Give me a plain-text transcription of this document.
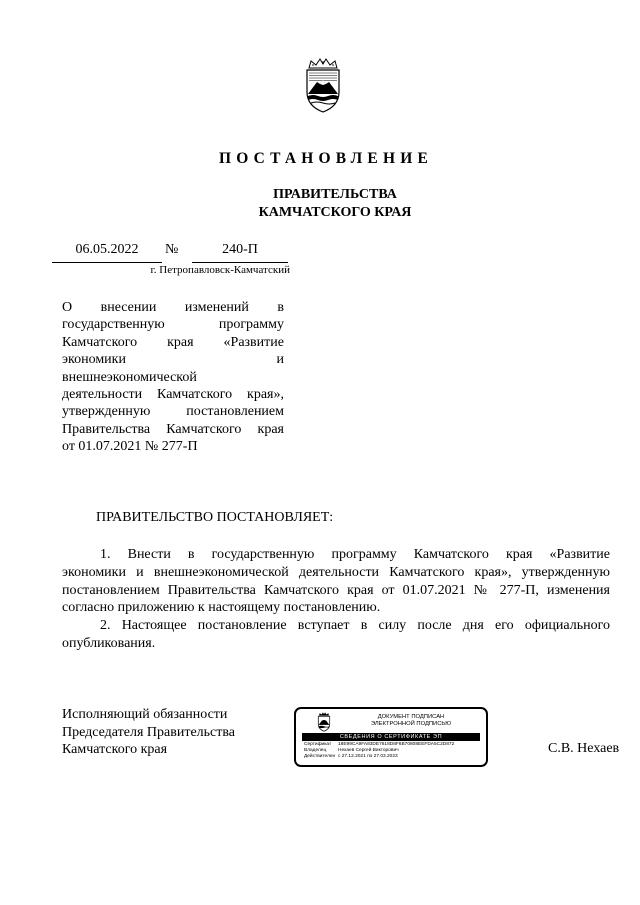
ПОСТАНОВЛЕНИЕ
ПРАВИТЕЛЬСТВА
КАМЧАТСКОГО КРАЯ
06.05.2022	№	240-П
г. Петропавловск-Камчатский
О внесении изменений в
государственную программу
Камчатского края «Развитие
экономики и
внешнеэкономической
деятельности Камчатского края»,
утвержденную постановлением
Правительства Камчатского края
от 01.07.2021 № 277-П
ПРАВИТЕЛЬСТВО ПОСТАНОВЛЯЕТ:
1. Внести в государственную программу Камчатского края «Развитие
экономики и внешнеэкономической деятельности Камчатского края», утвержденную
постановлением Правительства Камчатского края от 01.07.2021 № 277-П, изменения
согласно приложению к настоящему постановлению.
2. Настоящее постановление вступает в силу после дня его официального
опубликования.
Исполняющий обязанности
Председателя Правительства
Камчатского края
ДОКУМЕНТ ПОДПИСАН
ЭЛЕКТРОННОЙ ПОДПИСЬЮ
СВЕДЕНИЯ О СЕРТИФИКАТЕ ЭП
Сертификат 18E99CA9FA83DE7618D8F6B70808EEFDA5C2D872
Владелец Нехаев Сергей Викторович
Действителен с 27.12.2021 по 27.03.2023
С.В. Нехаев
